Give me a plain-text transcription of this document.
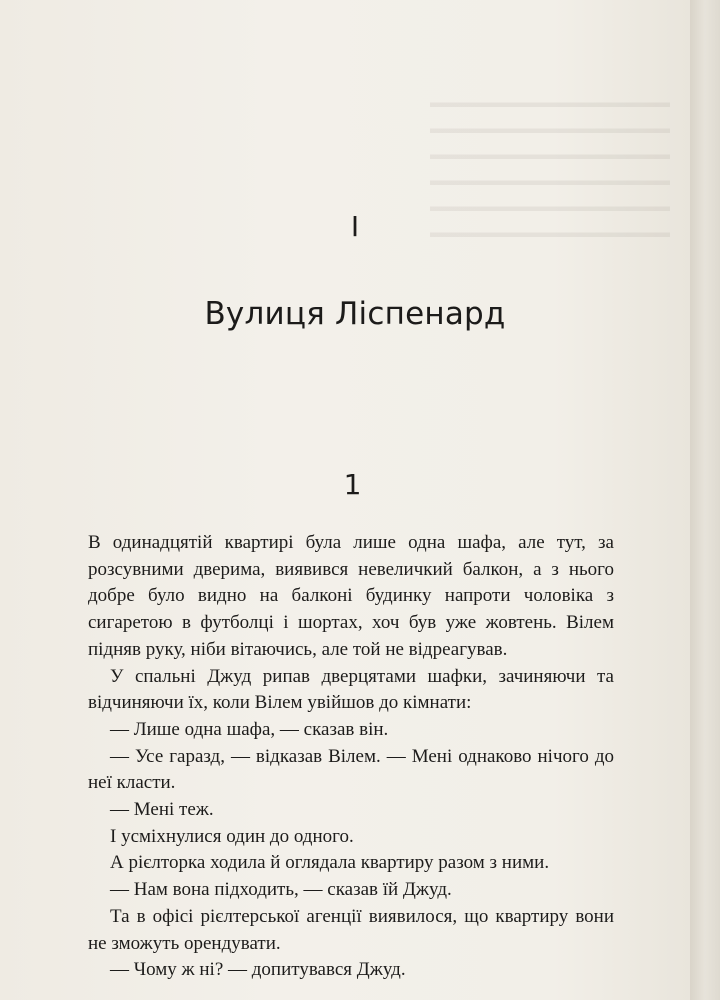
▬▬▬▬▬▬▬▬▬▬▬▬▬▬▬▬
▬▬▬▬▬▬▬▬▬▬▬▬▬▬▬▬
▬▬▬▬▬▬▬▬▬▬▬▬▬▬▬▬
▬▬▬▬▬▬▬▬▬▬▬▬▬▬▬▬
▬▬▬▬▬▬▬▬▬▬▬▬▬▬▬▬
▬▬▬▬▬▬▬▬▬▬▬▬▬▬▬▬
I
Вулиця Ліспенард
1

В одинадцятій квартирі була лише одна шафа, але тут, за розсувними дверима, виявився невеличкий балкон, а з нього добре було видно на балконі будинку напроти чоловіка з сигаретою в футболці і шортах, хоч був уже жовтень. Вілем підняв руку, ніби вітаючись, але той не відреагував.

У спальні Джуд рипав дверцятами шафки, зачиняючи та відчиняючи їх, коли Вілем увійшов до кімнати:

— Лише одна шафа, — сказав він.

— Усе гаразд, — відказав Вілем. — Мені однаково нічого до неї класти.

— Мені теж.

І усміхнулися один до одного.

А рієлторка ходила й оглядала квартиру разом з ними.

— Нам вона підходить, — сказав їй Джуд.

Та в офісі рієлтерської агенції виявилося, що квартиру вони не зможуть орендувати.

— Чому ж ні? — допитувався Джуд.
